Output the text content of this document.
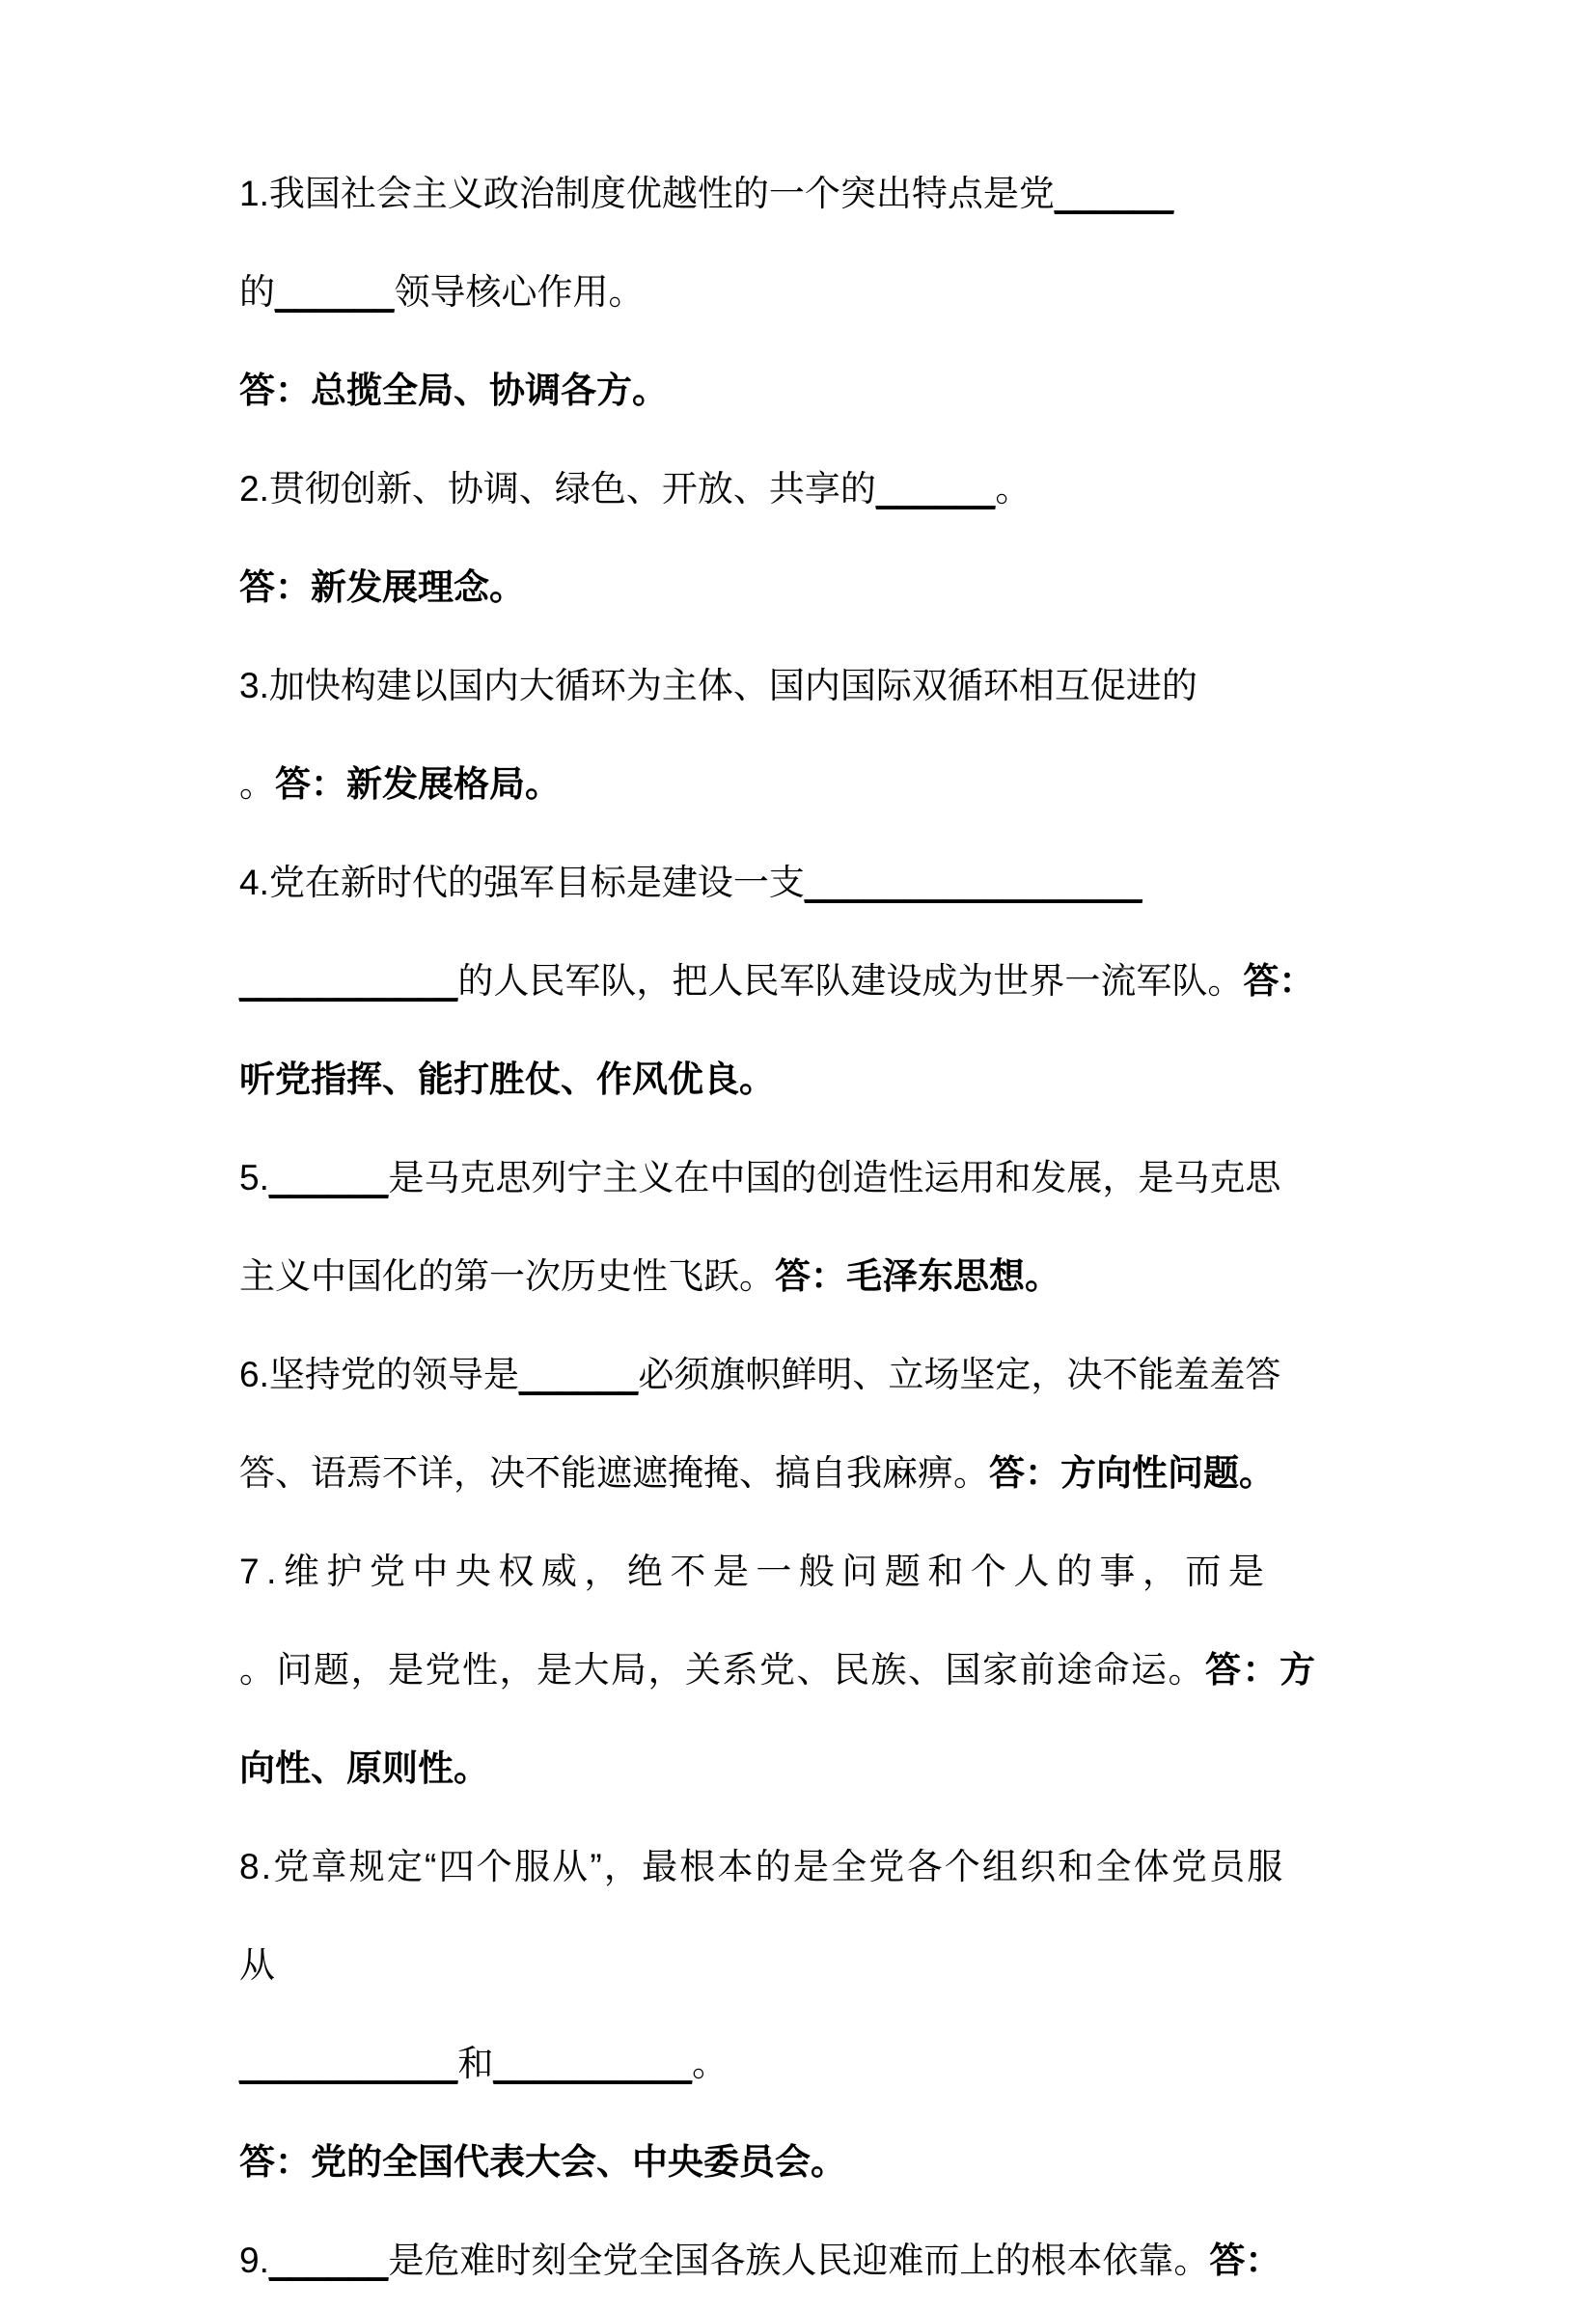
1.我国社会主义政治制度优越性的一个突出特点是党______
的______领导核心作用。
答：总揽全局、协调各方。
2.贯彻创新、协调、绿色、开放、共享的______。
答：新发展理念。
3.加快构建以国内大循环为主体、国内国际双循环相互促进的
。答：新发展格局。
4.党在新时代的强军目标是建设一支_________________
___________的人民军队，把人民军队建设成为世界一流军队。答：
听党指挥、能打胜仗、作风优良。
5.______是马克思列宁主义在中国的创造性运用和发展，是马克思
主义中国化的第一次历史性飞跃。答：毛泽东思想。
6.坚持党的领导是______必须旗帜鲜明、立场坚定，决不能羞羞答
答、语焉不详，决不能遮遮掩掩、搞自我麻痹。答：方向性问题。
7.维护党中央权威，绝不是一般问题和个人的事，而是
。问题，是党性，是大局，关系党、民族、国家前途命运。答：方
向性、原则性。
8.党章规定“四个服从”，最根本的是全党各个组织和全体党员服
从
___________和__________。
答：党的全国代表大会、中央委员会。
9.______是危难时刻全党全国各族人民迎难而上的根本依靠。答：
